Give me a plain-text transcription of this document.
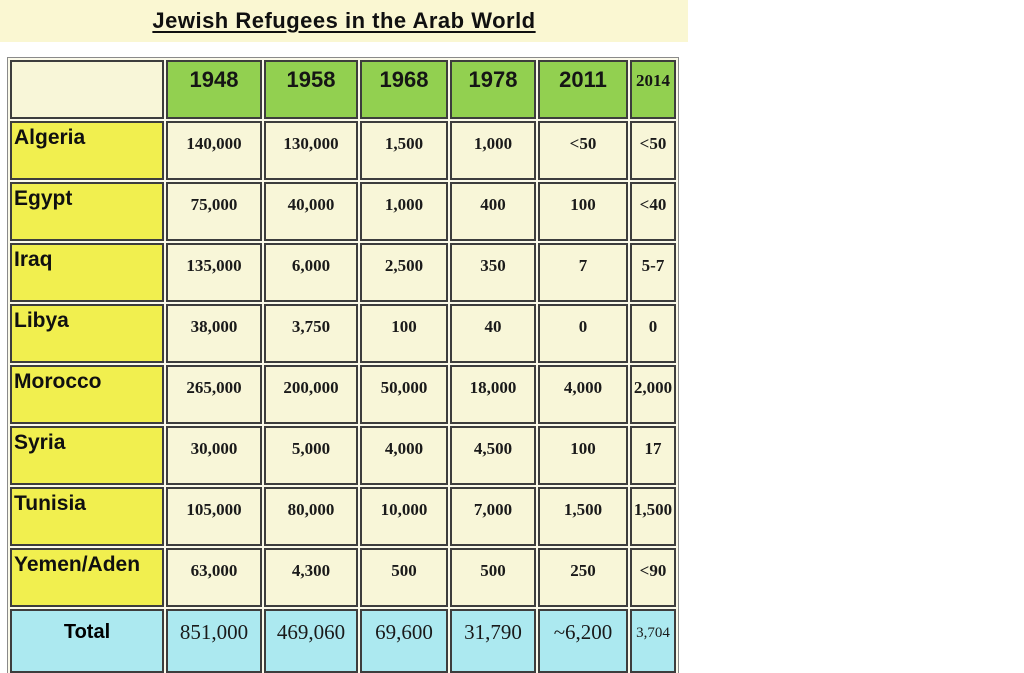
Jewish Refugees in the Arab World
	1948	1958	1968	1978	2011	2014
Algeria	140,000	130,000	1,500	1,000	<50	<50
Egypt	75,000	40,000	1,000	400	100	<40
Iraq	135,000	6,000	2,500	350	7	5-7
Libya	38,000	3,750	100	40	0	0
Morocco	265,000	200,000	50,000	18,000	4,000	2,000
Syria	30,000	5,000	4,000	4,500	100	17
Tunisia	105,000	80,000	10,000	7,000	1,500	1,500
Yemen/Aden	63,000	4,300	500	500	250	<90
Total	851,000	469,060	69,600	31,790	~6,200	3,704
